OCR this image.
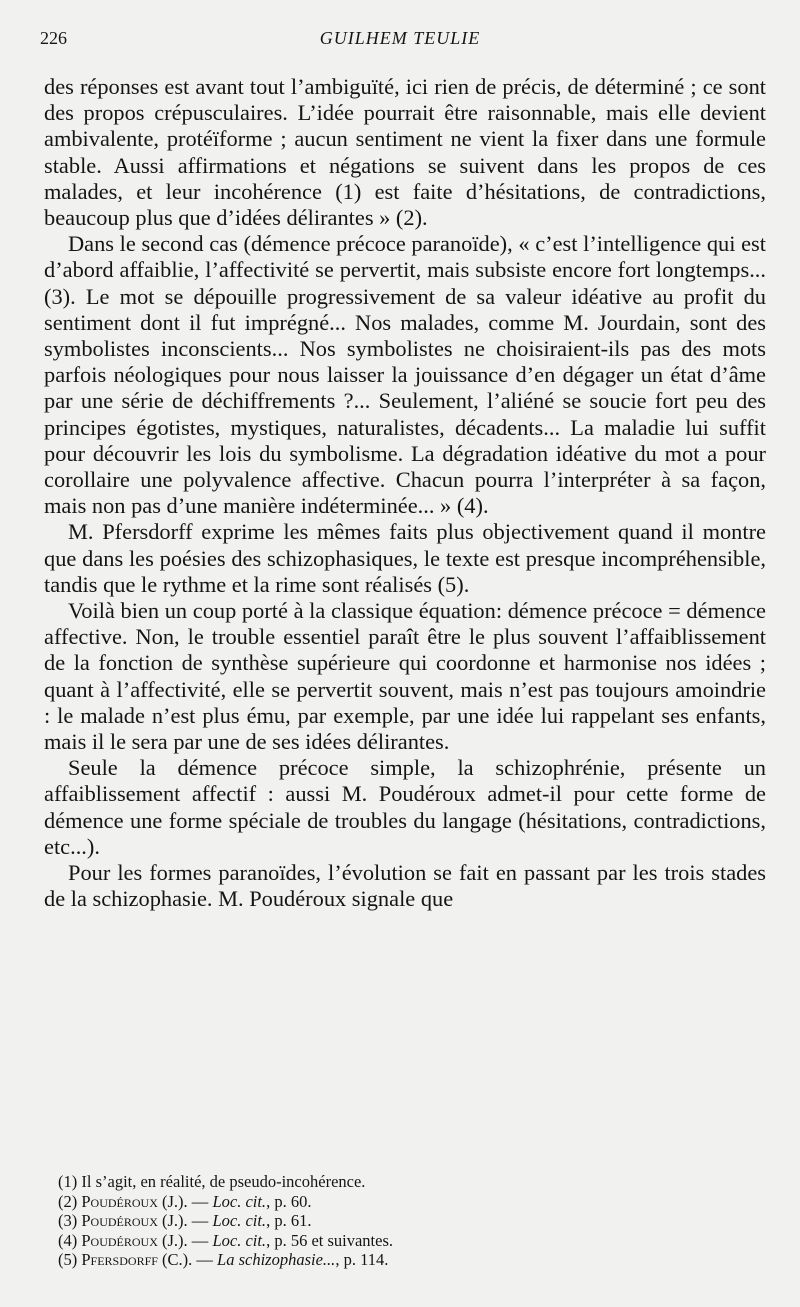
226	GUILHEM TEULIE

des réponses est avant tout l’ambiguïté, ici rien de précis, de déterminé ; ce sont des propos crépusculaires. L’idée pourrait être raisonnable, mais elle devient ambivalente, protéïforme ; aucun sentiment ne vient la fixer dans une formule stable. Aussi affirmations et négations se suivent dans les propos de ces malades, et leur incohérence (1) est faite d’hésitations, de contradictions, beaucoup plus que d’idées délirantes » (2).

Dans le second cas (démence précoce paranoïde), « c’est l’intelligence qui est d’abord affaiblie, l’affectivité se pervertit, mais subsiste encore fort longtemps... (3). Le mot se dépouille progressivement de sa valeur idéative au profit du sentiment dont il fut imprégné... Nos malades, comme M. Jourdain, sont des symbolistes inconscients... Nos symbolistes ne choisiraient-ils pas des mots parfois néologiques pour nous laisser la jouissance d’en dégager un état d’âme par une série de déchiffrements ?... Seulement, l’aliéné se soucie fort peu des principes égotistes, mystiques, naturalistes, décadents... La maladie lui suffit pour découvrir les lois du symbolisme. La dégradation idéative du mot a pour corollaire une polyvalence affective. Chacun pourra l’interpréter à sa façon, mais non pas d’une manière indéterminée... » (4).

M. Pfersdorff exprime les mêmes faits plus objectivement quand il montre que dans les poésies des schizophasiques, le texte est presque incompréhensible, tandis que le rythme et la rime sont réalisés (5).

Voilà bien un coup porté à la classique équation: démence précoce = démence affective. Non, le trouble essentiel paraît être le plus souvent l’affaiblissement de la fonction de synthèse supérieure qui coordonne et harmonise nos idées ; quant à l’affectivité, elle se pervertit souvent, mais n’est pas toujours amoindrie : le malade n’est plus ému, par exemple, par une idée lui rappelant ses enfants, mais il le sera par une de ses idées délirantes.

Seule la démence précoce simple, la schizophrénie, présente un affaiblissement affectif : aussi M. Poudéroux admet-il pour cette forme de démence une forme spéciale de troubles du langage (hésitations, contradictions, etc...).

Pour les formes paranoïdes, l’évolution se fait en passant par les trois stades de la schizophasie. M. Poudéroux signale que

(1) Il s’agit, en réalité, de pseudo-incohérence.
(2) Poudéroux (J.). — Loc. cit., p. 60.
(3) Poudéroux (J.). — Loc. cit., p. 61.
(4) Poudéroux (J.). — Loc. cit., p. 56 et suivantes.
(5) Pfersdorff (C.). — La schizophasie..., p. 114.
